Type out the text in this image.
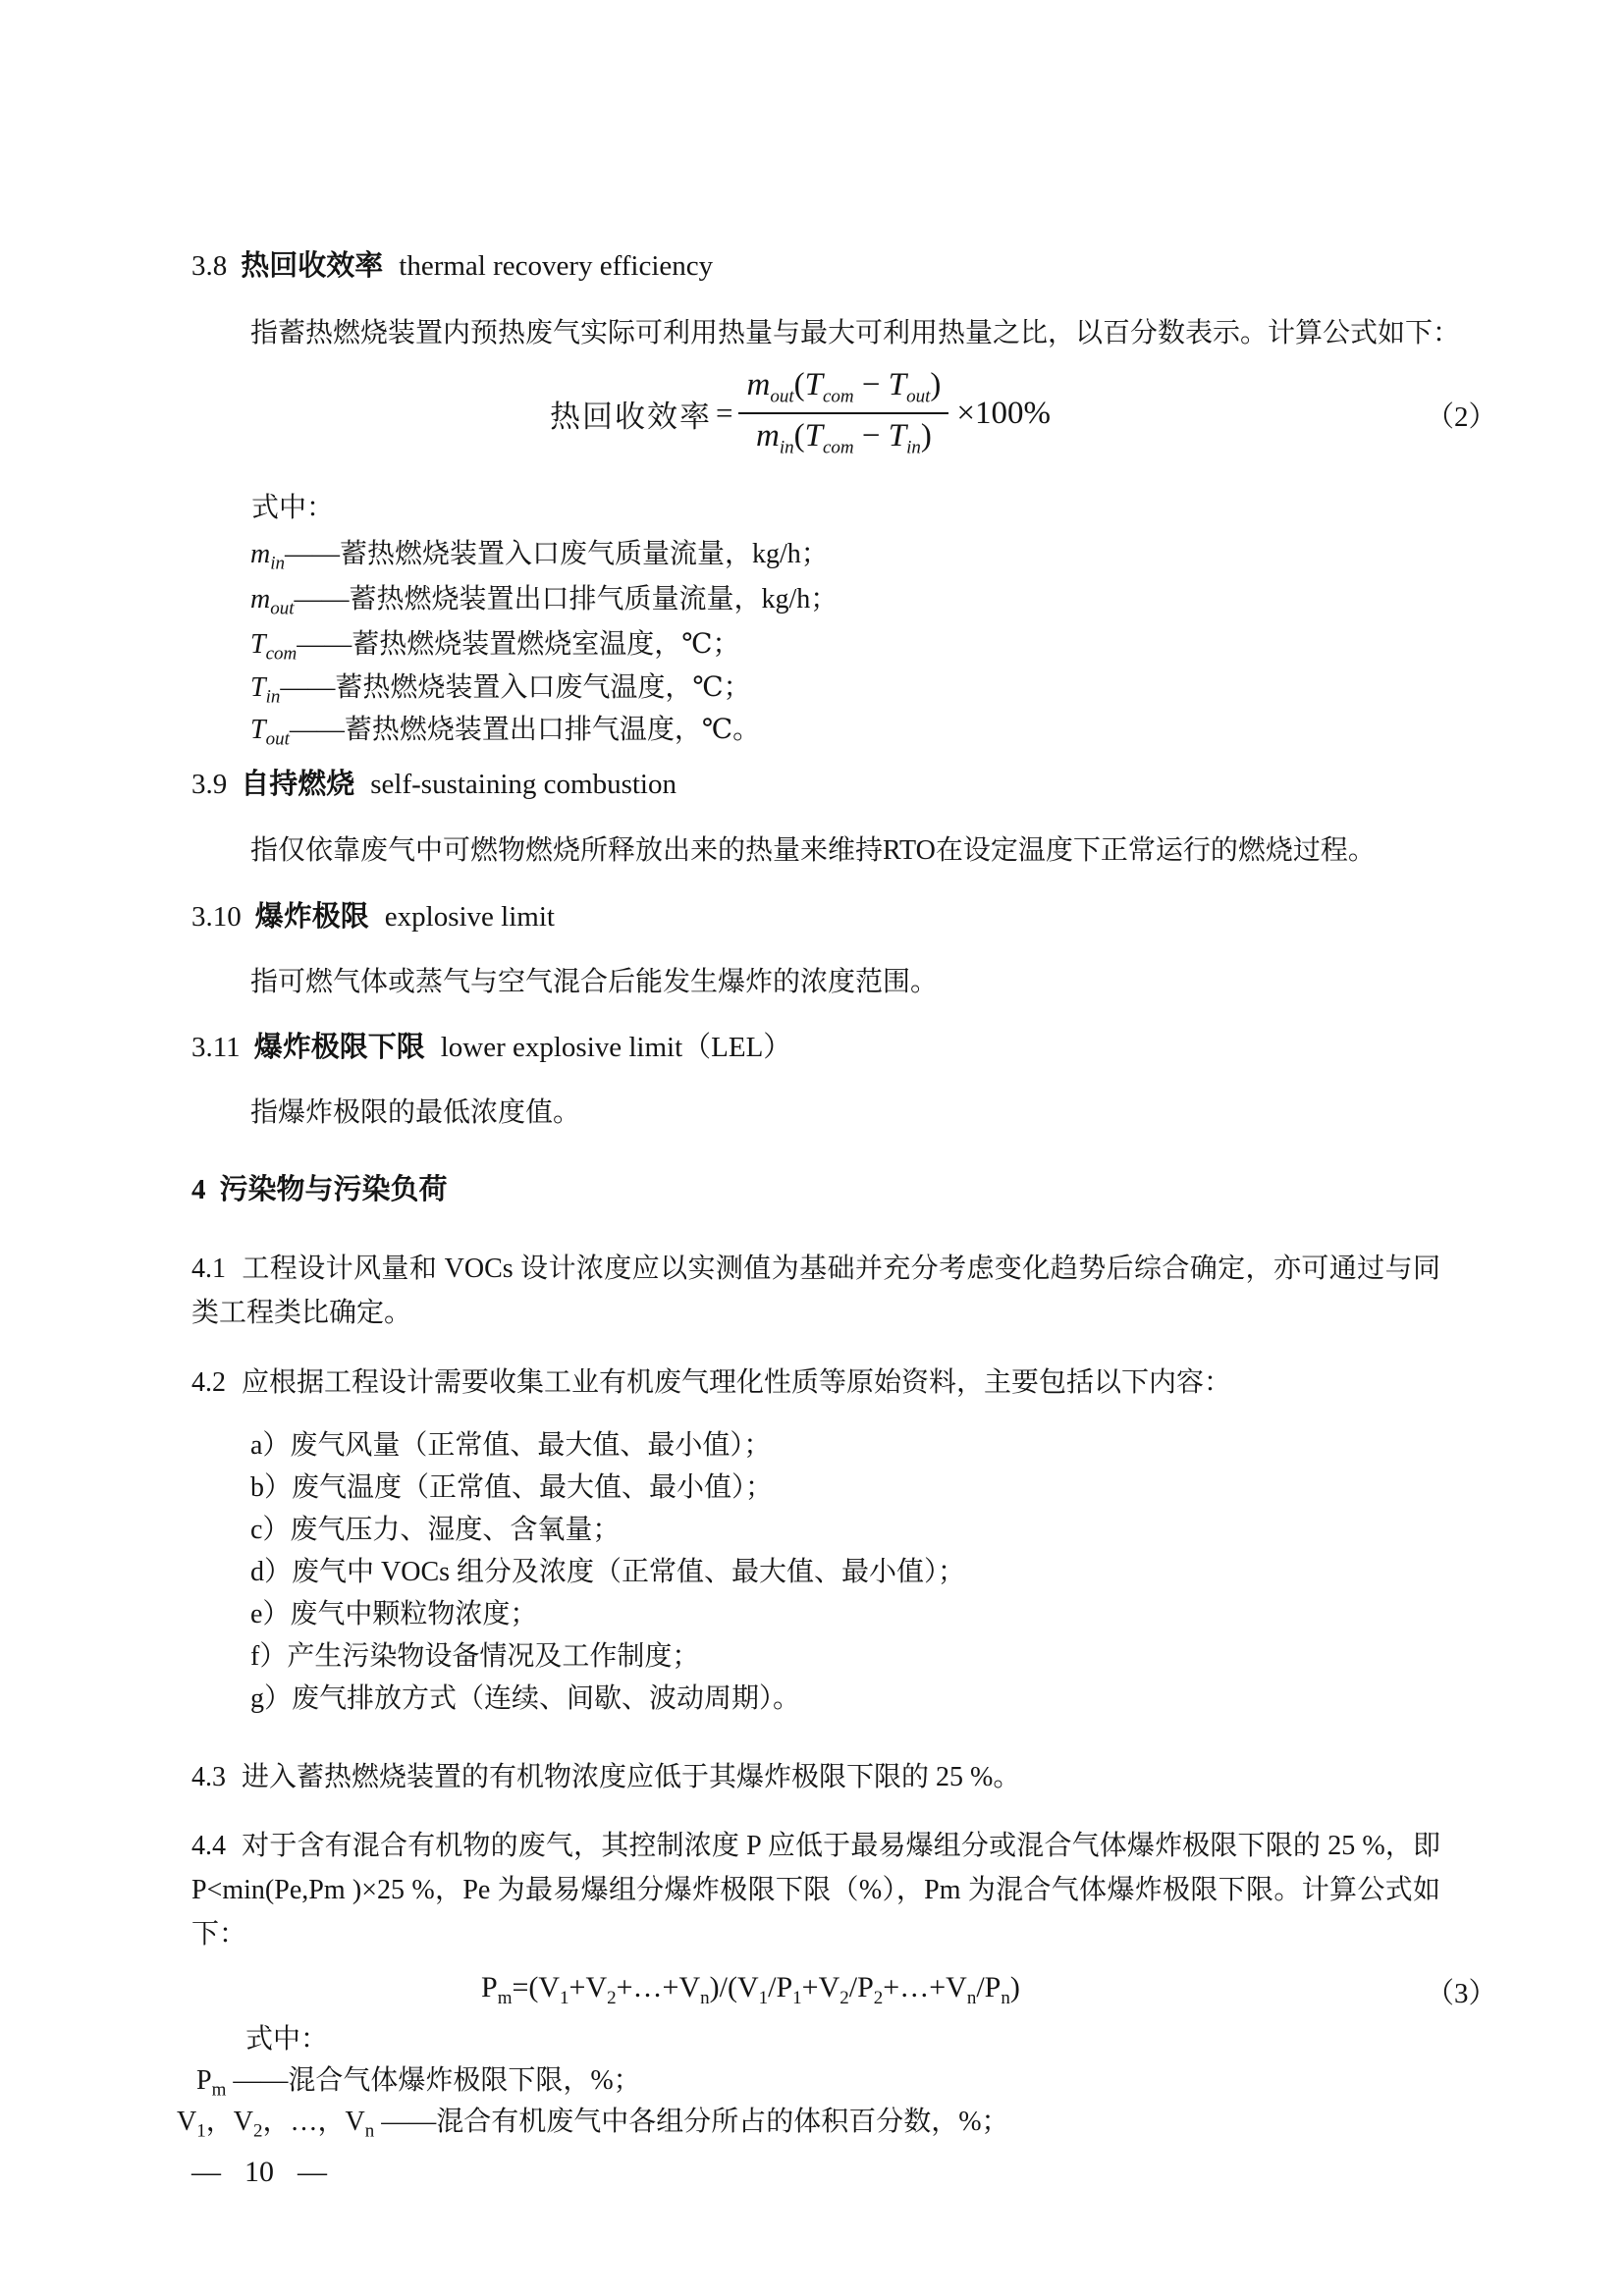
3.8 热回收效率 thermal recovery efficiency

指蓄热燃烧装置内预热废气实际可利用热量与最大可利用热量之比，以百分数表示。计算公式如下：

热回收效率 = $\frac{m_{out}(T_{com} - T_{out})}{m_{in}(T_{com} - T_{in})} \times 100\%$	（2）
式中：
$m_{in}——$蓄热燃烧装置入口废气质量流量，kg/h；
$m_{out}——$蓄热燃烧装置出口排气质量流量，kg/h；
$T_{com}——$蓄热燃烧装置燃烧室温度，℃；
$T_{in}——$蓄热燃烧装置入口废气温度，℃；
$T_{out}——$蓄热燃烧装置出口排气温度，℃。
3.9 自持燃烧 self-sustaining combustion

指仅依靠废气中可燃物燃烧所释放出来的热量来维持RTO在设定温度下正常运行的燃烧过程。

3.10 爆炸极限 explosive limit

指可燃气体或蒸气与空气混合后能发生爆炸的浓度范围。

3.11 爆炸极限下限 lower explosive limit（LEL）

指爆炸极限的最低浓度值。

4 污染物与污染负荷

4.1 工程设计风量和 VOCs 设计浓度应以实测值为基础并充分考虑变化趋势后综合确定，亦可通过与同类工程类比确定。

4.2 应根据工程设计需要收集工业有机废气理化性质等原始资料，主要包括以下内容：

a）废气风量（正常值、最大值、最小值）；
b）废气温度（正常值、最大值、最小值）；
c）废气压力、湿度、含氧量；
d）废气中 VOCs 组分及浓度（正常值、最大值、最小值）；
e）废气中颗粒物浓度；
f）产生污染物设备情况及工作制度；
g）废气排放方式（连续、间歇、波动周期）。

4.3 进入蓄热燃烧装置的有机物浓度应低于其爆炸极限下限的 25 %。

4.4 对于含有混合有机物的废气，其控制浓度 P 应低于最易爆组分或混合气体爆炸极限下限的 25 %，即 P<min(Pe,Pm )×25 %，Pe 为最易爆组分爆炸极限下限（%），Pm 为混合气体爆炸极限下限。计算公式如下：

$P_m=(V_1+V_2+\dots+V_n)/(V_1/P_1+V_2/P_2+\dots+V_n/P_n)$	（3）
式中：
$P_m$ ——混合气体爆炸极限下限，%；
$V_1$，$V_2$，…，$V_n$ ——混合有机废气中各组分所占的体积百分数，%；
— 10 —
